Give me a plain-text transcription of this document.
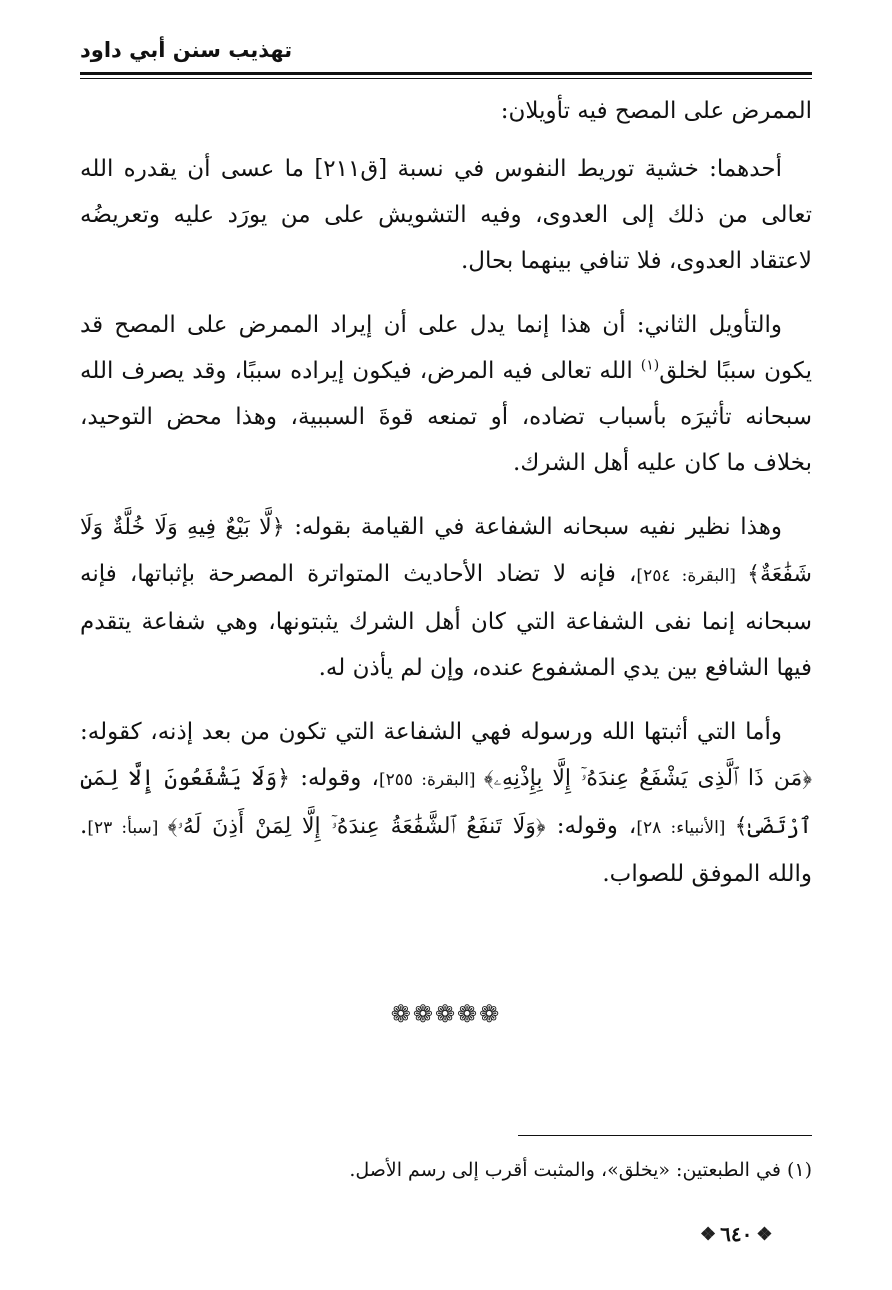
تهذيب سنن أبي داود

الممرض على المصح فيه تأويلان:

أحدهما: خشية توريط النفوس في نسبة [ق٢١١] ما عسى أن يقدره الله تعالى من ذلك إلى العدوى، وفيه التشويش على من يورَد عليه وتعريضُه لاعتقاد العدوى، فلا تنافي بينهما بحال.

والتأويل الثاني: أن هذا إنما يدل على أن إيراد الممرض على المصح قد يكون سببًا لخلق$^{(١)}$ الله تعالى فيه المرض، فيكون إيراده سببًا، وقد يصرف الله سبحانه تأثيرَه بأسباب تضاده، أو تمنعه قوةَ السببية، وهذا محض التوحيد، بخلاف ما كان عليه أهل الشرك.

وهذا نظير نفيه سبحانه الشفاعة في القيامة بقوله: ﴿لَّا بَيْعٌ فِيهِ وَلَا خُلَّةٌ وَلَا شَفَٰعَةٌ﴾ [البقرة: ٢٥٤]، فإنه لا تضاد الأحاديث المتواترة المصرحة بإثباتها، فإنه سبحانه إنما نفى الشفاعة التي كان أهل الشرك يثبتونها، وهي شفاعة يتقدم فيها الشافع بين يدي المشفوع عنده، وإن لم يأذن له.

وأما التي أثبتها الله ورسوله فهي الشفاعة التي تكون من بعد إذنه، كقوله: ﴿مَن ذَا ٱلَّذِى يَشْفَعُ عِندَهُۥٓ إِلَّا بِإِذْنِهِۦ﴾ [البقرة: ٢٥٥]، وقوله: ﴿وَلَا يَشْفَعُونَ إِلَّا لِمَنِ ٱرْتَضَىٰ﴾ [الأنبياء: ٢٨]، وقوله: ﴿وَلَا تَنفَعُ ٱلشَّفَٰعَةُ عِندَهُۥٓ إِلَّا لِمَنْ أَذِنَ لَهُۥ﴾ [سبأ: ٢٣]. والله الموفق للصواب.

❁❁❁❁❁
(١) في الطبعتين: «يخلق»، والمثبت أقرب إلى رسم الأصل.
❖
٦٤٠
❖
